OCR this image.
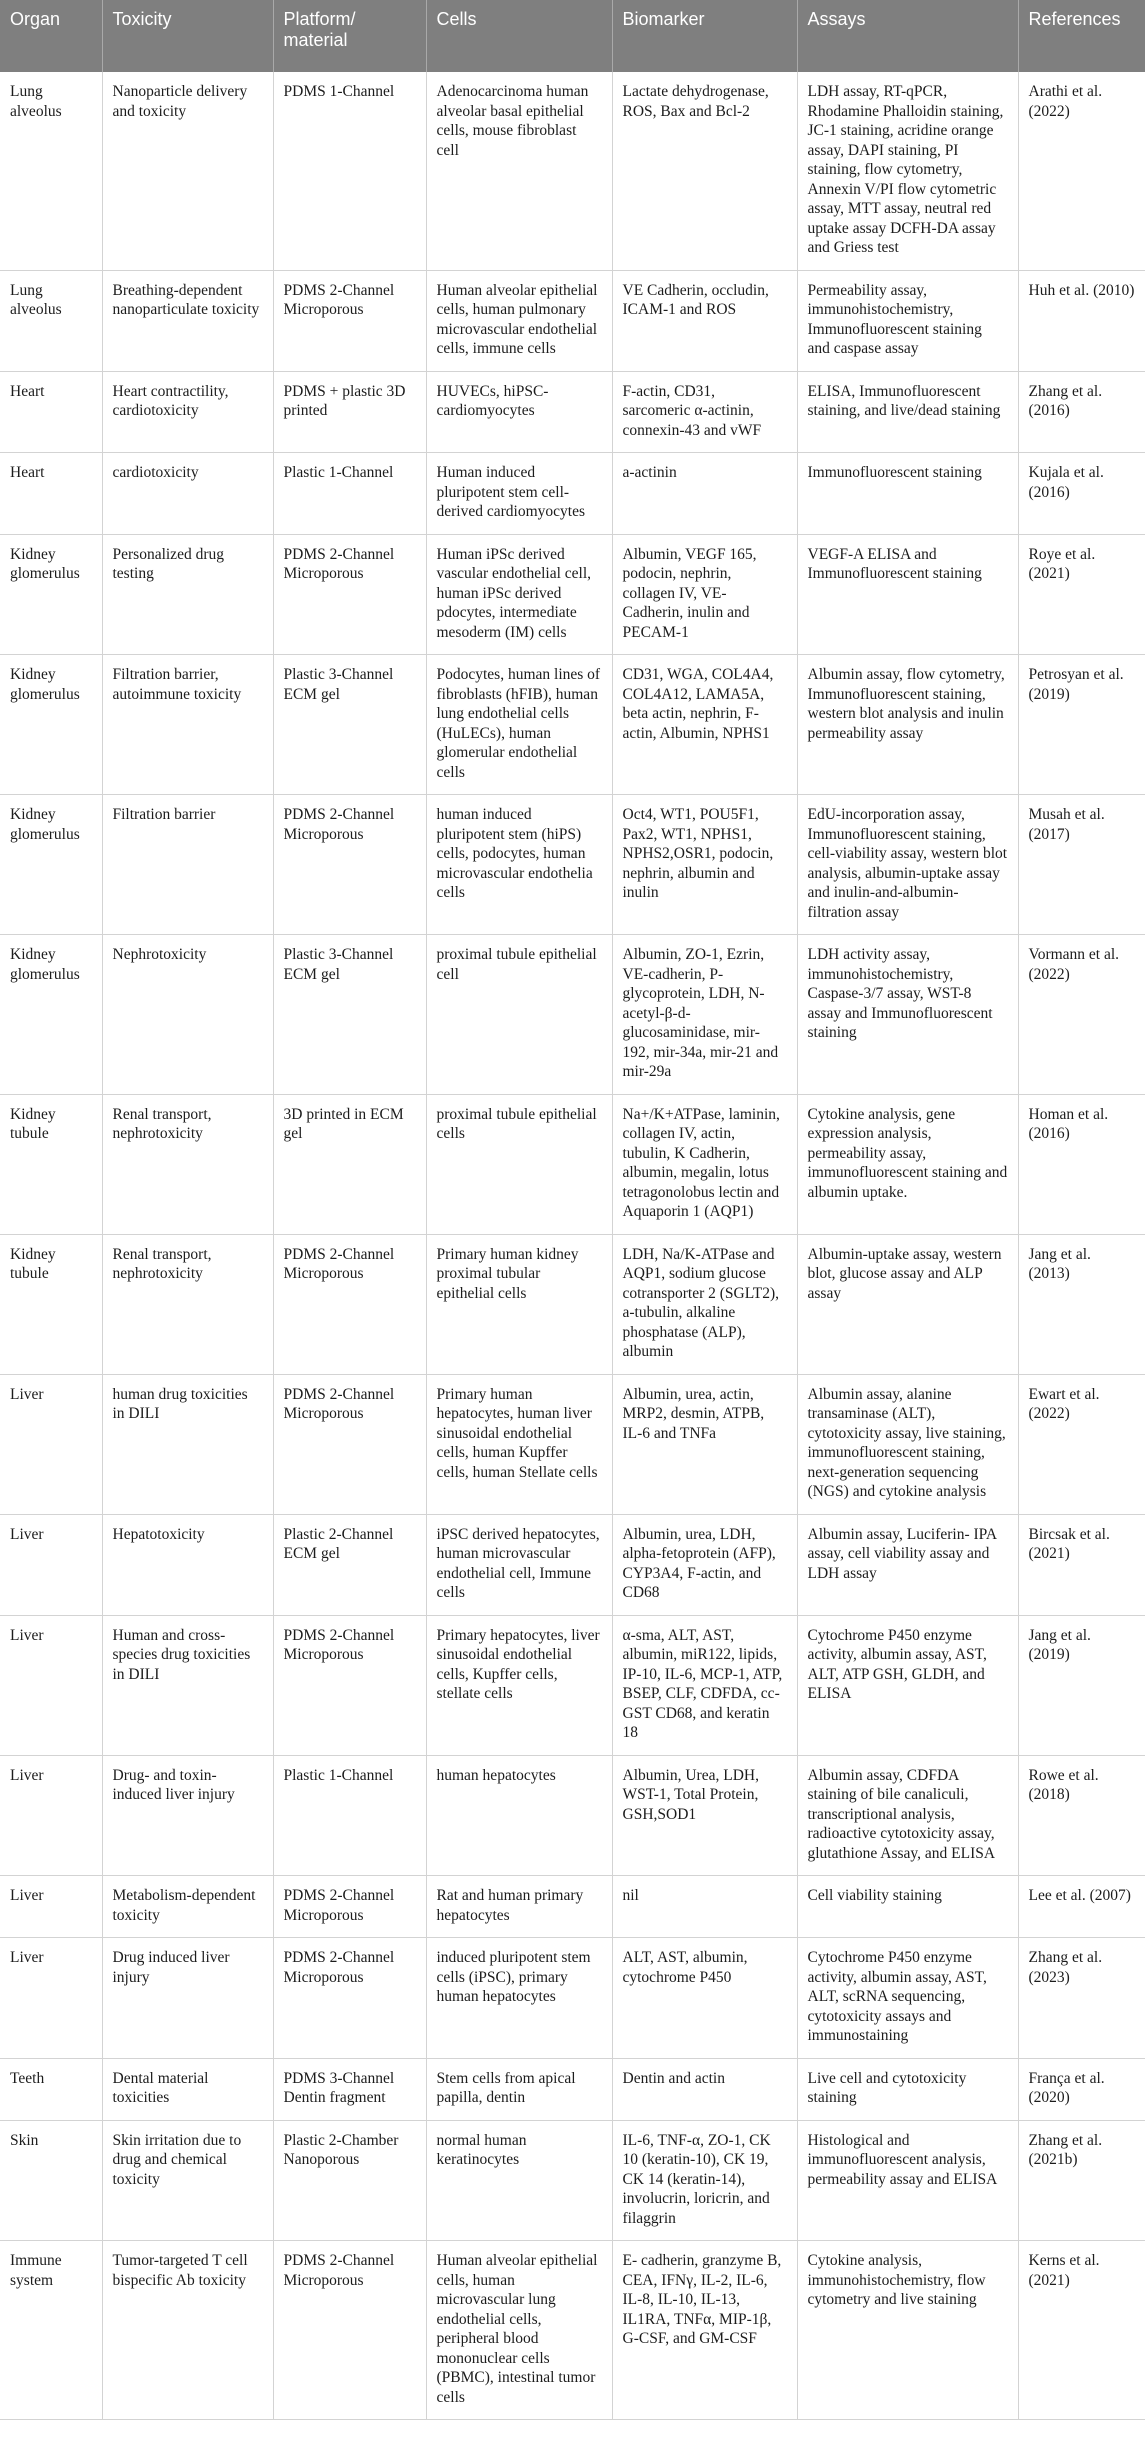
Organ	Toxicity	Platform/ material	Cells	Biomarker	Assays	References
Lung alveolus	Nanoparticle delivery and toxicity	PDMS 1-Channel	Adenocarcinoma human alveolar basal epithelial cells, mouse fibroblast cell	Lactate dehydrogenase, ROS, Bax and Bcl-2	LDH assay, RT-qPCR, Rhodamine Phalloidin staining, JC-1 staining, acridine orange assay, DAPI staining, PI staining, flow cytometry, Annexin V/PI flow cytometric assay, MTT assay, neutral red uptake assay DCFH-DA assay and Griess test	Arathi et al. (2022)
Lung alveolus	Breathing-dependent nanoparticulate toxicity	PDMS 2-Channel Microporous	Human alveolar epithelial cells, human pulmonary microvascular endothelial cells, immune cells	VE Cadherin, occludin, ICAM-1 and ROS	Permeability assay, immunohistochemistry, Immunofluorescent staining and caspase assay	Huh et al. (2010)
Heart	Heart contractility, cardiotoxicity	PDMS + plastic 3D printed	HUVECs, hiPSC-cardiomyocytes	F-actin, CD31, sarcomeric α-actinin, connexin-43 and vWF	ELISA, Immunofluorescent staining, and live/dead staining	Zhang et al. (2016)
Heart	cardiotoxicity	Plastic 1-Channel	Human induced pluripotent stem cell-derived cardiomyocytes	a-actinin	Immunofluorescent staining	Kujala et al. (2016)
Kidney glomerulus	Personalized drug testing	PDMS 2-Channel Microporous	Human iPSc derived vascular endothelial cell, human iPSc derived pdocytes, intermediate mesoderm (IM) cells	Albumin, VEGF 165, podocin, nephrin, collagen IV, VE-Cadherin, inulin and PECAM-1	VEGF-A ELISA and Immunofluorescent staining	Roye et al. (2021)
Kidney glomerulus	Filtration barrier, autoimmune toxicity	Plastic 3-Channel ECM gel	Podocytes, human lines of fibroblasts (hFIB), human lung endothelial cells (HuLECs), human glomerular endothelial cells	CD31, WGA, COL4A4, COL4A12, LAMA5A, beta actin, nephrin, F-actin, Albumin, NPHS1	Albumin assay, flow cytometry, Immunofluorescent staining, western blot analysis and inulin permeability assay	Petrosyan et al. (2019)
Kidney glomerulus	Filtration barrier	PDMS 2-Channel Microporous	human induced pluripotent stem (hiPS) cells, podocytes, human microvascular endothelia cells	Oct4, WT1, POU5F1, Pax2, WT1, NPHS1, NPHS2,OSR1, podocin, nephrin, albumin and inulin	EdU-incorporation assay, Immunofluorescent staining, cell-viability assay, western blot analysis, albumin-uptake assay and inulin-and-albumin-filtration assay	Musah et al. (2017)
Kidney glomerulus	Nephrotoxicity	Plastic 3-Channel ECM gel	proximal tubule epithelial cell	Albumin, ZO-1, Ezrin, VE-cadherin, P-glycoprotein, LDH, N-acetyl-β-d-glucosaminidase, mir-192, mir-34a, mir-21 and mir-29a	LDH activity assay, immunohistochemistry, Caspase-3/7 assay, WST-8 assay and Immunofluorescent staining	Vormann et al. (2022)
Kidney tubule	Renal transport, nephrotoxicity	3D printed in ECM gel	proximal tubule epithelial cells	Na+/K+ATPase, laminin, collagen IV, actin, tubulin, K Cadherin, albumin, megalin, lotus tetragonolobus lectin and Aquaporin 1 (AQP1)	Cytokine analysis, gene expression analysis, permeability assay, immunofluorescent staining and albumin uptake.	Homan et al. (2016)
Kidney tubule	Renal transport, nephrotoxicity	PDMS 2-Channel Microporous	Primary human kidney proximal tubular epithelial cells	LDH, Na/K-ATPase and AQP1, sodium glucose cotransporter 2 (SGLT2), a-tubulin, alkaline phosphatase (ALP), albumin	Albumin-uptake assay, western blot, glucose assay and ALP assay	Jang et al. (2013)
Liver	human drug toxicities in DILI	PDMS 2-Channel Microporous	Primary human hepatocytes, human liver sinusoidal endothelial cells, human Kupffer cells, human Stellate cells	Albumin, urea, actin, MRP2, desmin, ATPB, IL-6 and TNFa	Albumin assay, alanine transaminase (ALT), cytotoxicity assay, live staining, immunofluorescent staining, next-generation sequencing (NGS) and cytokine analysis	Ewart et al. (2022)
Liver	Hepatotoxicity	Plastic 2-Channel ECM gel	iPSC derived hepatocytes, human microvascular endothelial cell, Immune cells	Albumin, urea, LDH, alpha-fetoprotein (AFP), CYP3A4, F-actin, and CD68	Albumin assay, Luciferin- IPA assay, cell viability assay and LDH assay	Bircsak et al. (2021)
Liver	Human and cross-species drug toxicities in DILI	PDMS 2-Channel Microporous	Primary hepatocytes, liver sinusoidal endothelial cells, Kupffer cells, stellate cells	α-sma, ALT, AST, albumin, miR122, lipids, IP-10, IL-6, MCP-1, ATP, BSEP, CLF, CDFDA, cc-GST CD68, and keratin 18	Cytochrome P450 enzyme activity, albumin assay, AST, ALT, ATP GSH, GLDH, and ELISA	Jang et al. (2019)
Liver	Drug- and toxin-induced liver injury	Plastic 1-Channel	human hepatocytes	Albumin, Urea, LDH, WST-1, Total Protein, GSH,SOD1	Albumin assay, CDFDA staining of bile canaliculi, transcriptional analysis, radioactive cytotoxicity assay, glutathione Assay, and ELISA	Rowe et al. (2018)
Liver	Metabolism-dependent toxicity	PDMS 2-Channel Microporous	Rat and human primary hepatocytes	nil	Cell viability staining	Lee et al. (2007)
Liver	Drug induced liver injury	PDMS 2-Channel Microporous	induced pluripotent stem cells (iPSC), primary human hepatocytes	ALT, AST, albumin, cytochrome P450	Cytochrome P450 enzyme activity, albumin assay, AST, ALT, scRNA sequencing, cytotoxicity assays and immunostaining	Zhang et al. (2023)
Teeth	Dental material toxicities	PDMS 3-Channel Dentin fragment	Stem cells from apical papilla, dentin	Dentin and actin	Live cell and cytotoxicity staining	França et al. (2020)
Skin	Skin irritation due to drug and chemical toxicity	Plastic 2-Chamber Nanoporous	normal human keratinocytes	IL-6, TNF-α, ZO-1, CK 10 (keratin-10), CK 19, CK 14 (keratin-14), involucrin, loricrin, and filaggrin	Histological and immunofluorescent analysis, permeability assay and ELISA	Zhang et al. (2021b)
Immune system	Tumor-targeted T cell bispecific Ab toxicity	PDMS 2-Channel Microporous	Human alveolar epithelial cells, human microvascular lung endothelial cells, peripheral blood mononuclear cells (PBMC), intestinal tumor cells	E- cadherin, granzyme B, CEA, IFNγ, IL-2, IL-6, IL-8, IL-10, IL-13, IL1RA, TNFα, MIP-1β, G-CSF, and GM-CSF	Cytokine analysis, immunohistochemistry, flow cytometry and live staining	Kerns et al. (2021)
